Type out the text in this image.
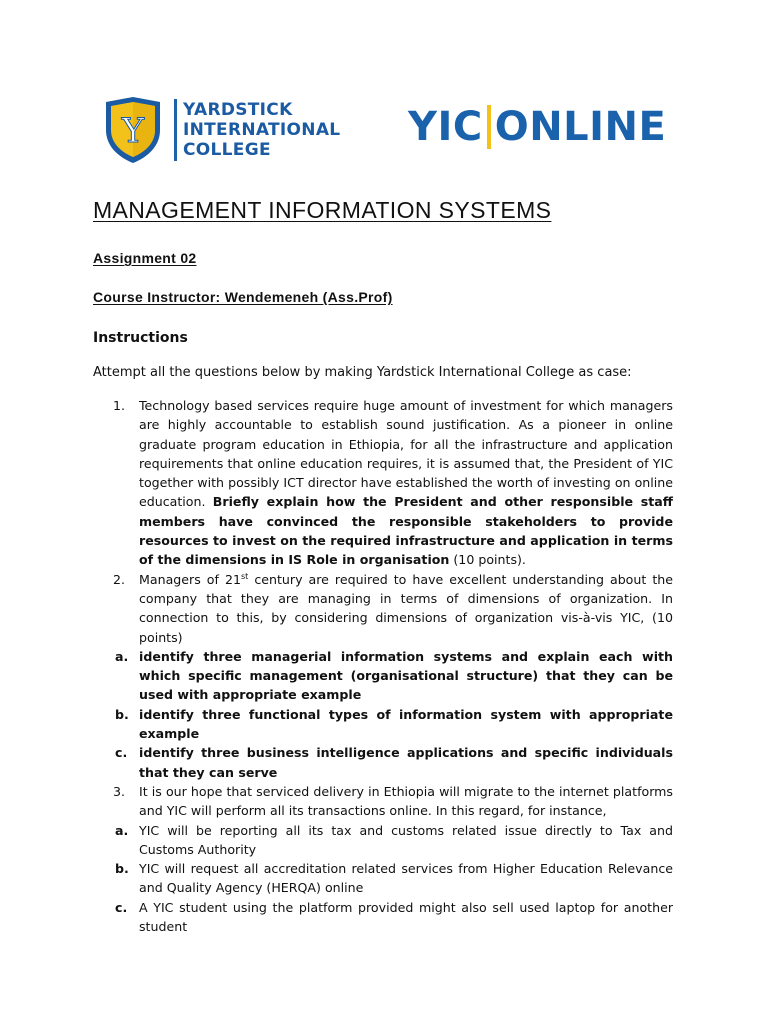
Y
YARDSTICK
INTERNATIONAL
COLLEGE	YIC ONLINE
MANAGEMENT INFORMATION SYSTEMS
Assignment 02
Course Instructor: Wendemeneh (Ass.Prof)
Instructions
Attempt all the questions below by making Yardstick International College as case:
1.	Technology based services require huge amount of investment for which managers are highly accountable to establish sound justification. As a pioneer in online graduate program education in Ethiopia, for all the infrastructure and application requirements that online education requires, it is assumed that, the President of YIC together with possibly ICT director have established the worth of investing on online education. Briefly explain how the President and other responsible staff members have convinced the responsible stakeholders to provide resources to invest on the required infrastructure and application in terms of the dimensions in IS Role in organisation (10 points).
2.	Managers of 21st century are required to have excellent understanding about the company that they are managing in terms of dimensions of organization. In connection to this, by considering dimensions of organization vis-à-vis YIC, (10 points)
a. identify three managerial information systems and explain each with which specific management (organisational structure) that they can be used with appropriate example
b. identify three functional types of information system with appropriate example
c. identify three business intelligence applications and specific individuals that they can serve
3.	It is our hope that serviced delivery in Ethiopia will migrate to the internet platforms and YIC will perform all its transactions online. In this regard, for instance,
a. YIC will be reporting all its tax and customs related issue directly to Tax and Customs Authority
b. YIC will request all accreditation related services from Higher Education Relevance and Quality Agency (HERQA) online
c. A YIC student using the platform provided might also sell used laptop for another student
